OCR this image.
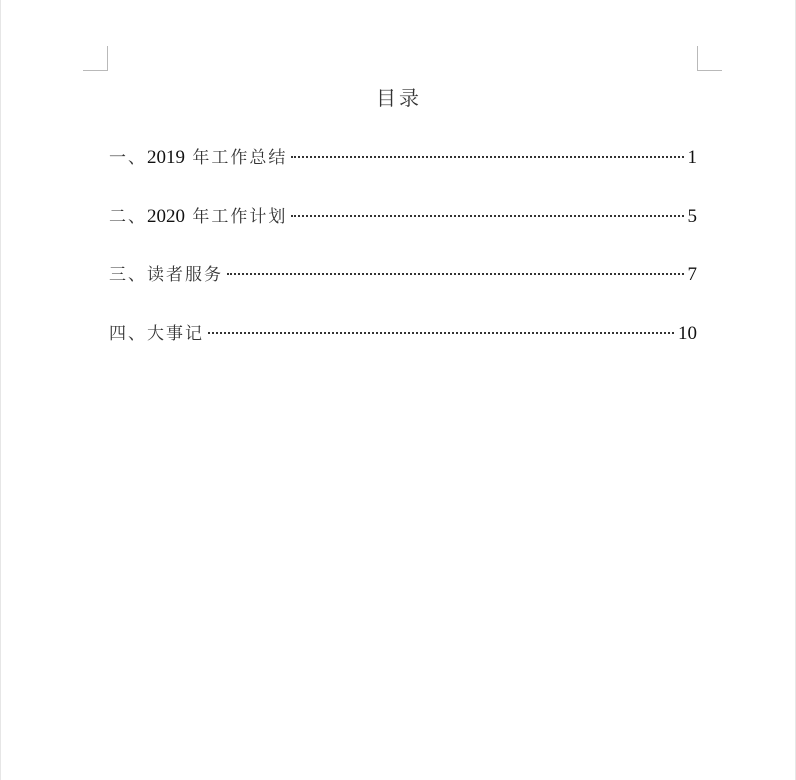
目录
一、2019 年工作总结	1
二、2020 年工作计划	5
三、读者服务	7
四、大事记	10
